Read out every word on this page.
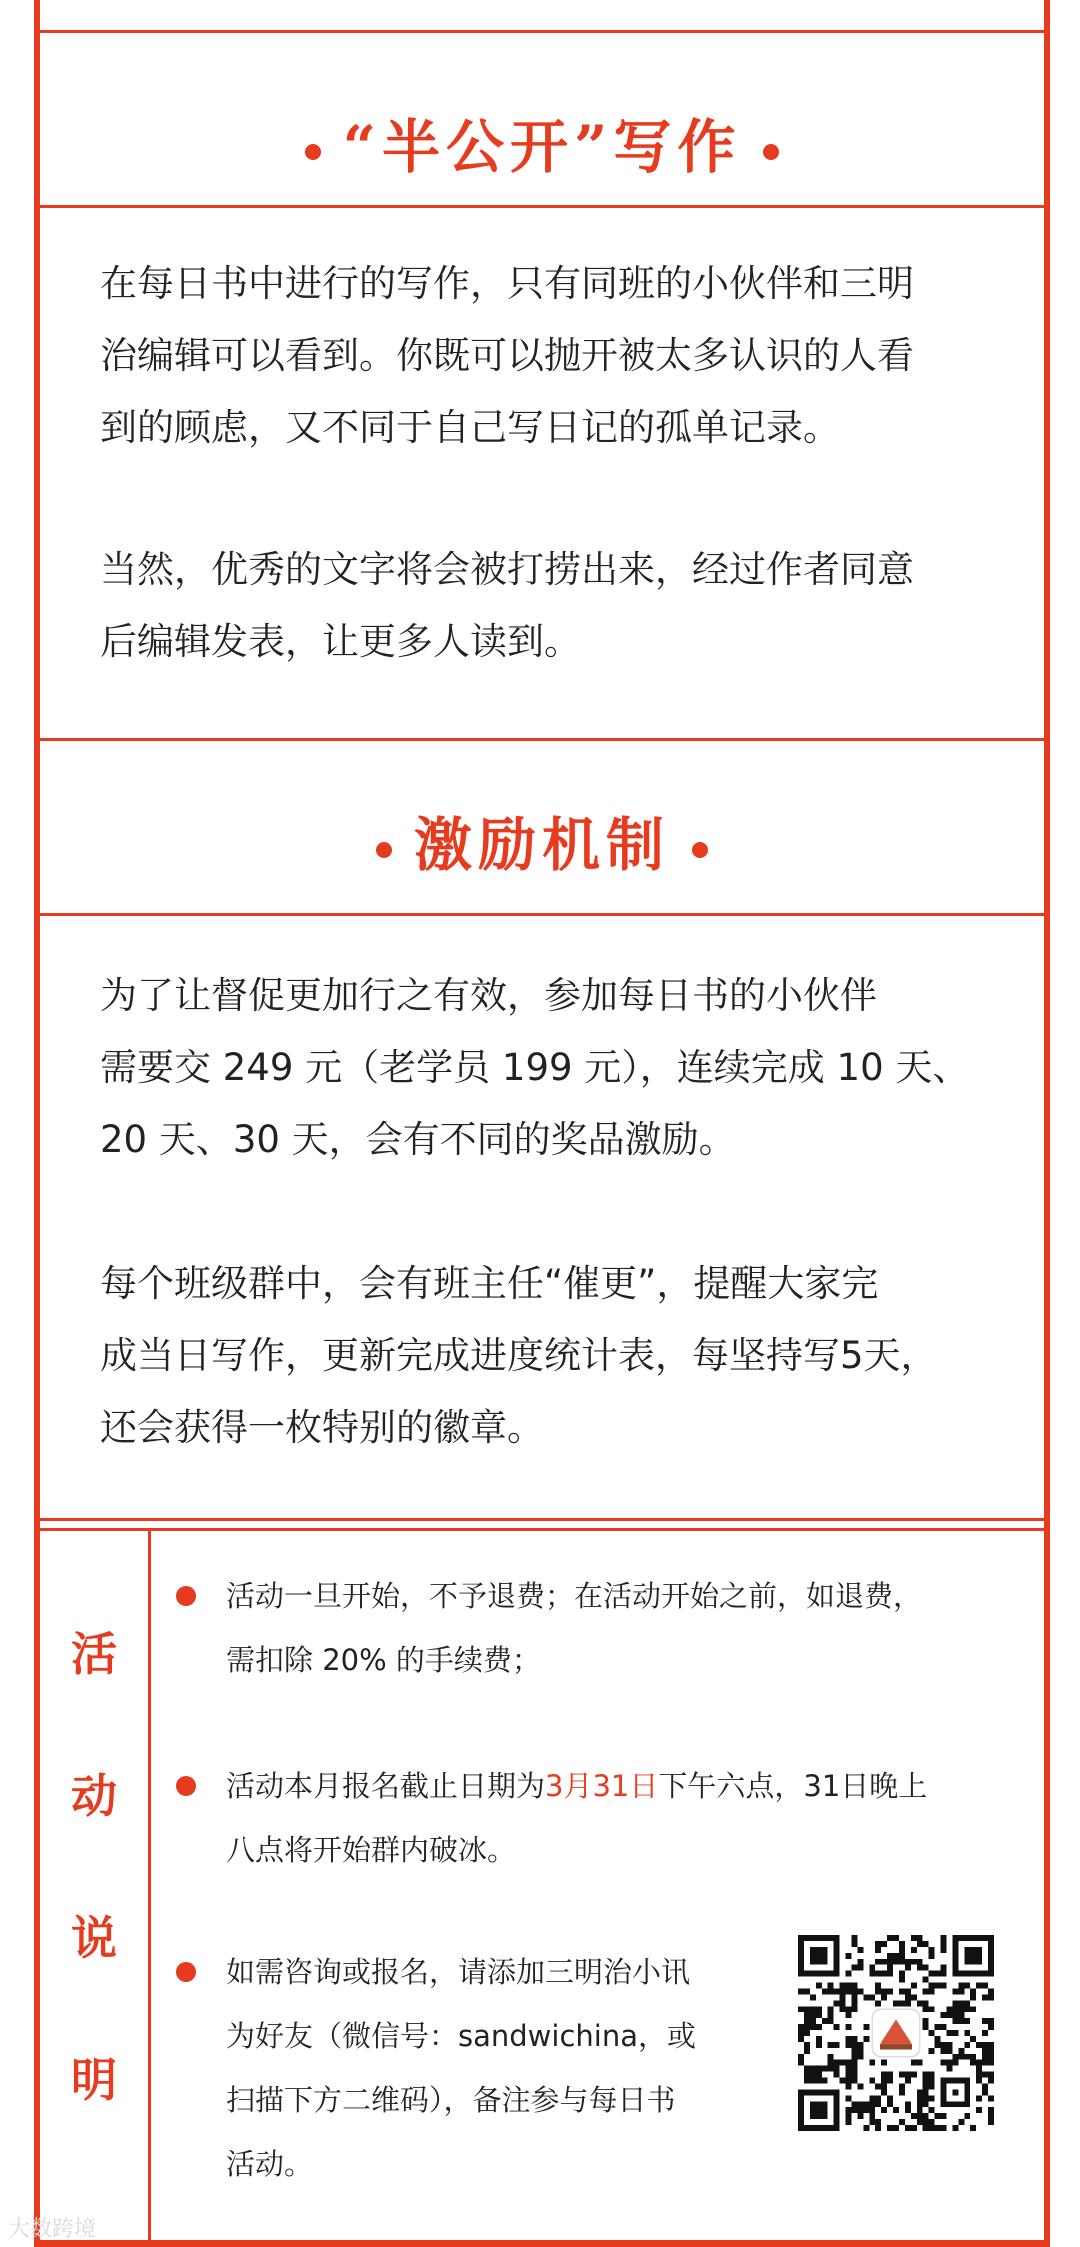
“半公开”写作
在每日书中进行的写作，只有同班的小伙伴和三明
治编辑可以看到。你既可以抛开被太多认识的人看
到的顾虑，又不同于自己写日记的孤单记录。
当然，优秀的文字将会被打捞出来，经过作者同意
后编辑发表，让更多人读到。
激励机制
为了让督促更加行之有效，参加每日书的小伙伴
需要交 249 元（老学员 199 元），连续完成 10 天、
20 天、30 天，会有不同的奖品激励。
每个班级群中，会有班主任“催更”，提醒大家完
成当日写作，更新完成进度统计表，每坚持写5天，
还会获得一枚特别的徽章。
活
动
说
明
活动一旦开始，不予退费；在活动开始之前，如退费，
需扣除 20% 的手续费；
活动本月报名截止日期为3月31日下午六点，31日晚上
八点将开始群内破冰。
如需咨询或报名，请添加三明治小讯
为好友（微信号：sandwichina，或
扫描下方二维码），备注参与每日书
活动。
大数跨境
